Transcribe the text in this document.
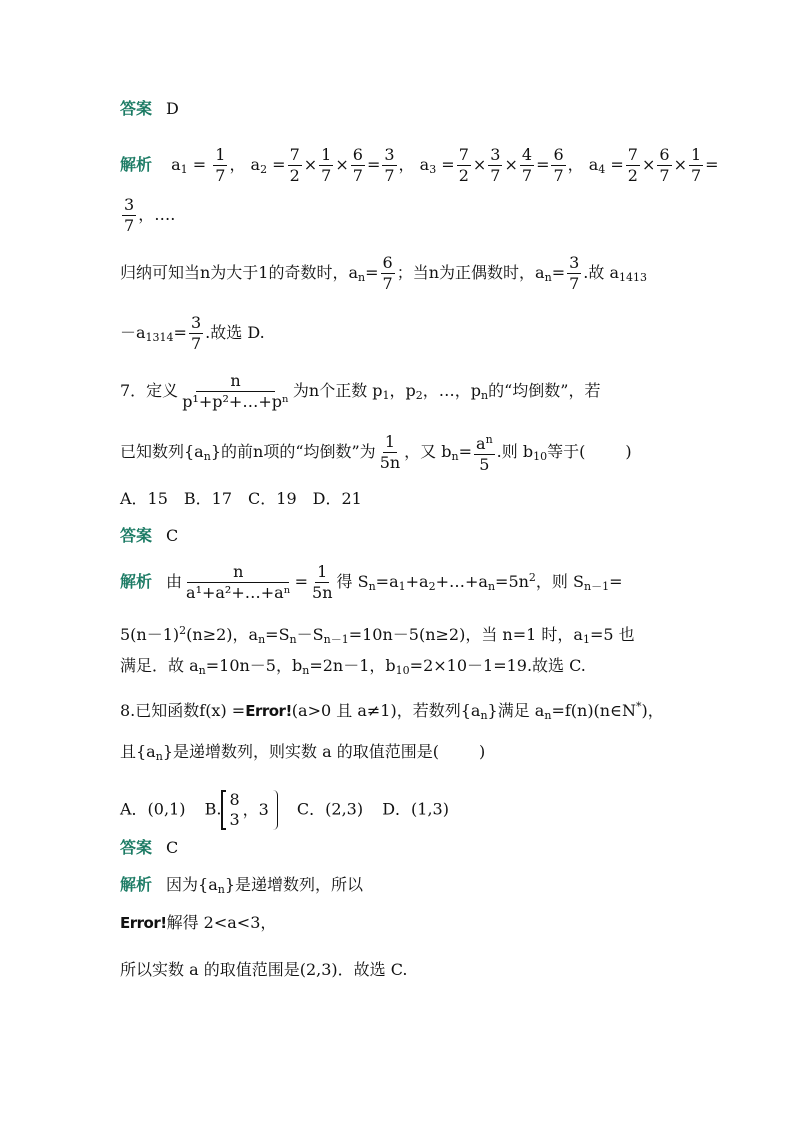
答案 D
解析 $a_1 = \frac{1}{7}$ ， $a_2 = \frac{7}{2} \times \frac{1}{7} \times \frac{6}{7} = \frac{3}{7}$ ， $a_3 = \frac{7}{2} \times \frac{3}{7} \times \frac{4}{7} = \frac{6}{7}$ ， $a_4 = \frac{7}{2} \times \frac{6}{7} \times \frac{1}{7}$ =
$\frac{3}{7}$ ，….
归纳可知当n为大于1的奇数时，$a_n= \frac{6}{7}$ ；当n为正偶数时，$a_n= \frac{3}{7}$ .故 $a_{1413}$
$-a_{1314}= \frac{3}{7}$ .故选 D.
7．定义 $\frac{n}{\text{p¹+p²+…+pⁿ}}$ 为n个正数 $p_1$，$p_2$，…，$p_n$的“均倒数”，若
已知数列$\{a_n\}$的前n项的“均倒数”为 $\frac{1}{5n}$ ，又 $b_n= \frac{a^n}{5}$ .则 $b_{10}$等于(	)
A．15　B．17　C．19　D．21
答案 C
解析 由 $\frac{n}{\text{a¹+a²+…+aⁿ}} = \frac{1}{5n}$ 得 $S_n=a_1+a_2+\dots+a_n=5n^2$，则 $S_{n-1}=$
$5(n-1)^2(n\ge 2)$，$a_n=S_n-S_{n-1}=10n-5(n\ge 2)$，当 n=1 时，$a_1=5$ 也
满足．故 $a_n=10n-5$，$b_n=2n-1$，$b_{10}=2\times 10-1=19$.故选 C.
8.已知函数f(x) =Error!(a>0 且 a≠1)，若数列$\{a_n\}$满足 $a_n=f(n)(n\in N^*)$，
且$\{a_n\}$是递增数列，则实数 a 的取值范围是(	)
A．(0,1) B. 8
3
，3 C．(2,3) D．(1,3)
答案 C
解析 因为$\{a_n\}$是递增数列，所以
Error!解得 2<a<3，
所以实数 a 的取值范围是(2,3)．故选 C.
